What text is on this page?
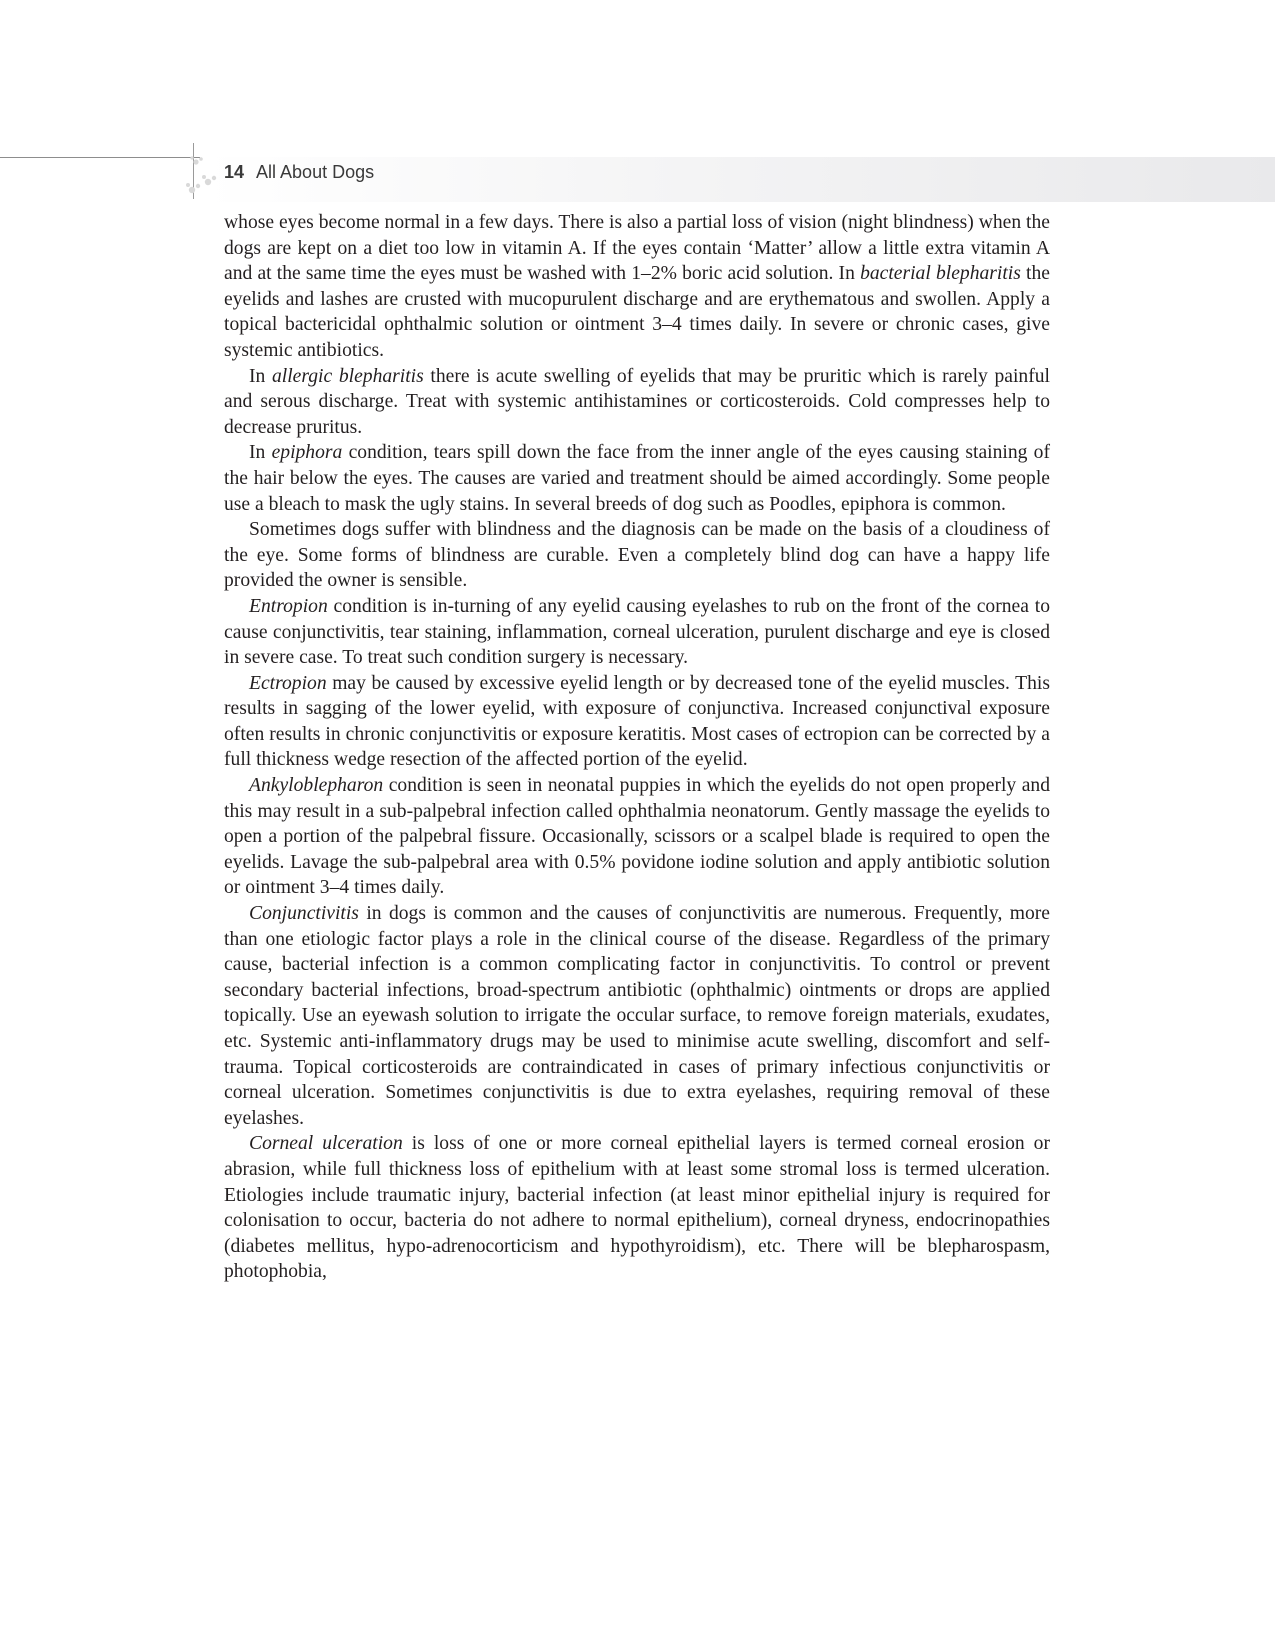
14 All About Dogs

whose eyes become normal in a few days. There is also a partial loss of vision (night blindness) when the dogs are kept on a diet too low in vitamin A. If the eyes contain ‘Matter’ allow a little extra vitamin A and at the same time the eyes must be washed with 1–2% boric acid solution. In bacterial blepharitis the eyelids and lashes are crusted with mucopurulent discharge and are erythematous and swollen. Apply a topical bactericidal ophthalmic solution or ointment 3–4 times daily. In severe or chronic cases, give systemic antibiotics.

In allergic blepharitis there is acute swelling of eyelids that may be pruritic which is rarely painful and serous discharge. Treat with systemic antihistamines or corticosteroids. Cold compresses help to decrease pruritus.

In epiphora condition, tears spill down the face from the inner angle of the eyes causing staining of the hair below the eyes. The causes are varied and treatment should be aimed accordingly. Some people use a bleach to mask the ugly stains. In several breeds of dog such as Poodles, epiphora is common.

Sometimes dogs suffer with blindness and the diagnosis can be made on the basis of a cloudiness of the eye. Some forms of blindness are curable. Even a completely blind dog can have a happy life provided the owner is sensible.

Entropion condition is in-turning of any eyelid causing eyelashes to rub on the front of the cornea to cause conjunctivitis, tear staining, inflammation, corneal ulceration, purulent discharge and eye is closed in severe case. To treat such condition surgery is necessary.

Ectropion may be caused by excessive eyelid length or by decreased tone of the eyelid muscles. This results in sagging of the lower eyelid, with exposure of conjunctiva. Increased conjunctival exposure often results in chronic conjunctivitis or exposure keratitis. Most cases of ectropion can be corrected by a full thickness wedge resection of the affected portion of the eyelid.

Ankyloblepharon condition is seen in neonatal puppies in which the eyelids do not open properly and this may result in a sub-palpebral infection called ophthalmia neonatorum. Gently massage the eyelids to open a portion of the palpebral fissure. Occasionally, scissors or a scalpel blade is required to open the eyelids. Lavage the sub-palpebral area with 0.5% povidone iodine solution and apply antibiotic solution or ointment 3–4 times daily.

Conjunctivitis in dogs is common and the causes of conjunctivitis are numerous. Frequently, more than one etiologic factor plays a role in the clinical course of the disease. Regardless of the primary cause, bacterial infection is a common complicating factor in conjunctivitis. To control or prevent secondary bacterial infections, broad-spectrum antibiotic (ophthalmic) ointments or drops are applied topically. Use an eyewash solution to irrigate the occular surface, to remove foreign materials, exudates, etc. Systemic anti-inflammatory drugs may be used to minimise acute swelling, discomfort and self-trauma. Topical corticosteroids are contraindicated in cases of primary infectious conjunctivitis or corneal ulceration. Sometimes conjunctivitis is due to extra eyelashes, requiring removal of these eyelashes.

Corneal ulceration is loss of one or more corneal epithelial layers is termed corneal erosion or abrasion, while full thickness loss of epithelium with at least some stromal loss is termed ulceration. Etiologies include traumatic injury, bacterial infection (at least minor epithelial injury is required for colonisation to occur, bacteria do not adhere to normal epithelium), corneal dryness, endocrinopathies (diabetes mellitus, hypo-adrenocorticism and hypothyroidism), etc. There will be blepharospasm, photophobia,
